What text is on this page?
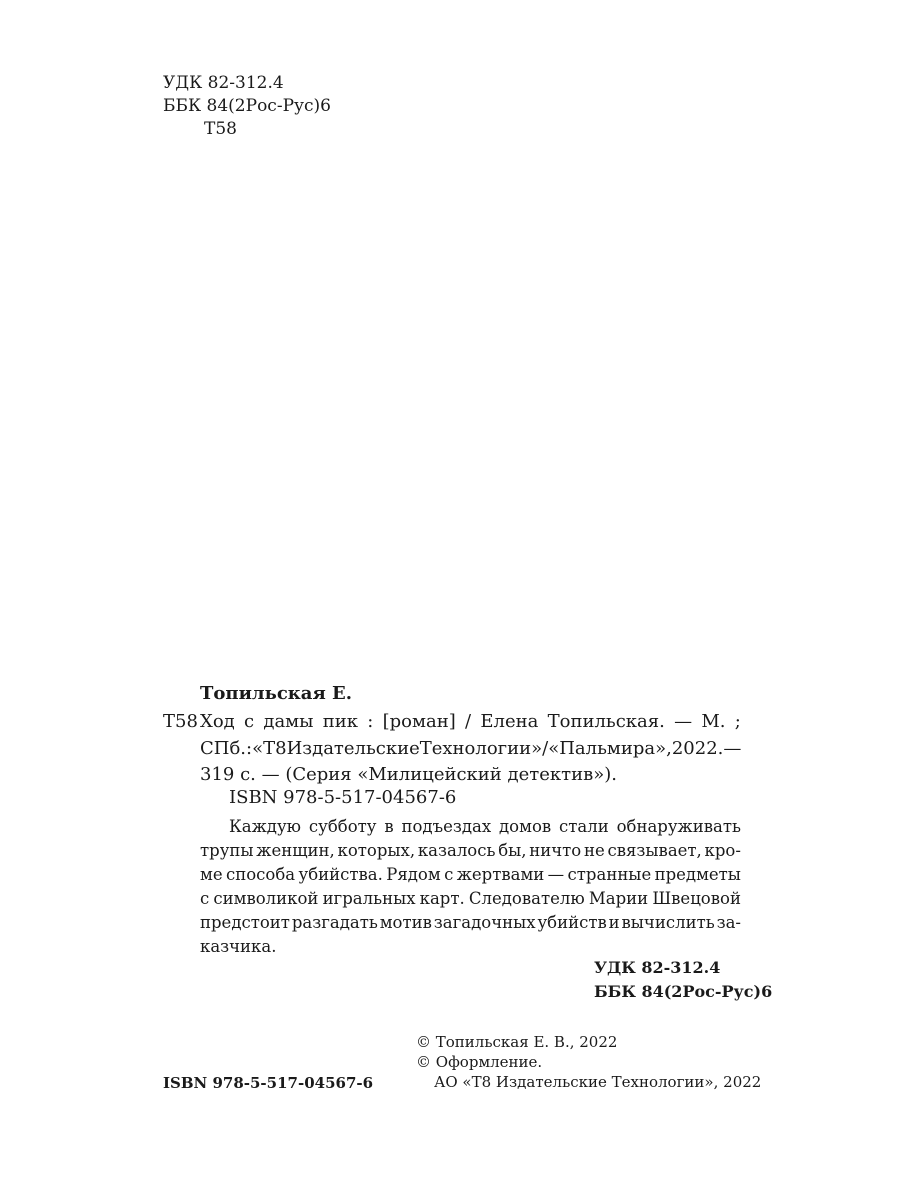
УДК 82-312.4
ББК 84(2Рос-Рус)6
Т58
Топильская Е.
Т58 Ход с дамы пик : [роман] / Елена Топильская. — М. ;
СПб. : «Т8 Издательские Технологии» / «Пальмира», 2022. —
319 с. — (Серия «Милицейский детектив»).
ISBN 978-5-517-04567-6
Каждую субботу в подъездах домов стали обнаруживать
трупы женщин, которых, казалось бы, ничто не связывает, кро-
ме способа убийства. Рядом с жертвами — странные предметы
с символикой игральных карт. Следователю Марии Швецовой
предстоит разгадать мотив загадочных убийств и вычислить за-
казчика.
УДК 82-312.4
ББК 84(2Рос-Рус)6
© Топильская Е. В., 2022
© Оформление.
АО «Т8 Издательские Технологии», 2022
ISBN 978-5-517-04567-6
